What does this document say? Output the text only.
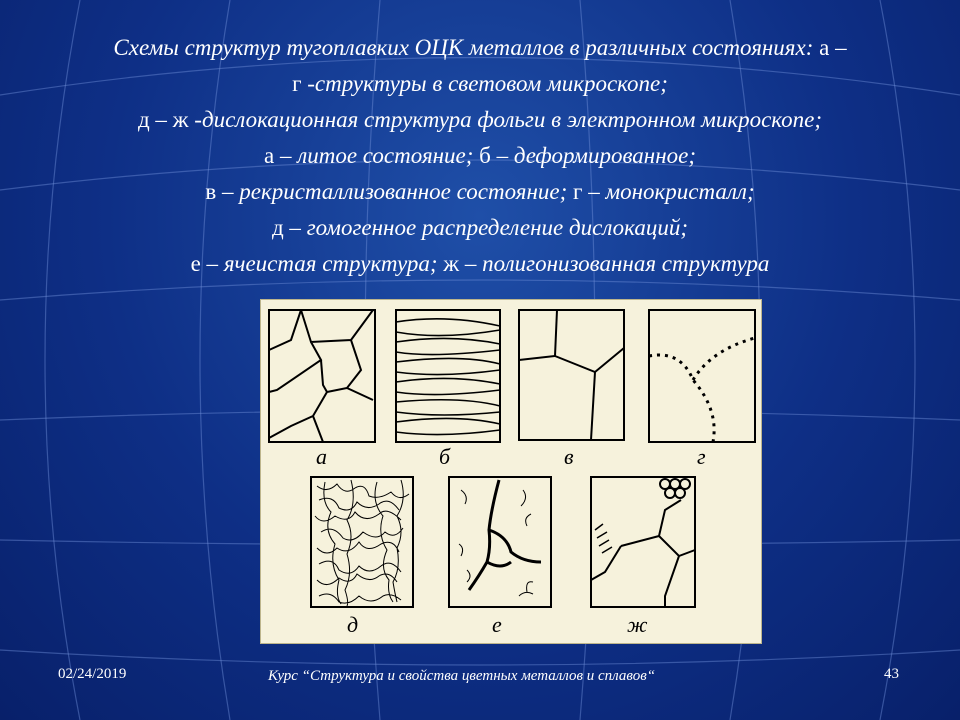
Схемы структур тугоплавких ОЦК металлов в различных состояниях: а –
г -структуры в световом микроскопе;
д – ж -дислокационная структура фольги в электронном микроскопе;
а – литое состояние; б – деформированное;
в – рекристаллизованное состояние; г – монокристалл;
д – гомогенное распределение дислокаций;
е – ячеистая структура; ж – полигонизованная структура
а	б	в	г
д	е	ж
02/24/2019	Курс “Структура и свойства цветных металлов и сплавов“	43
